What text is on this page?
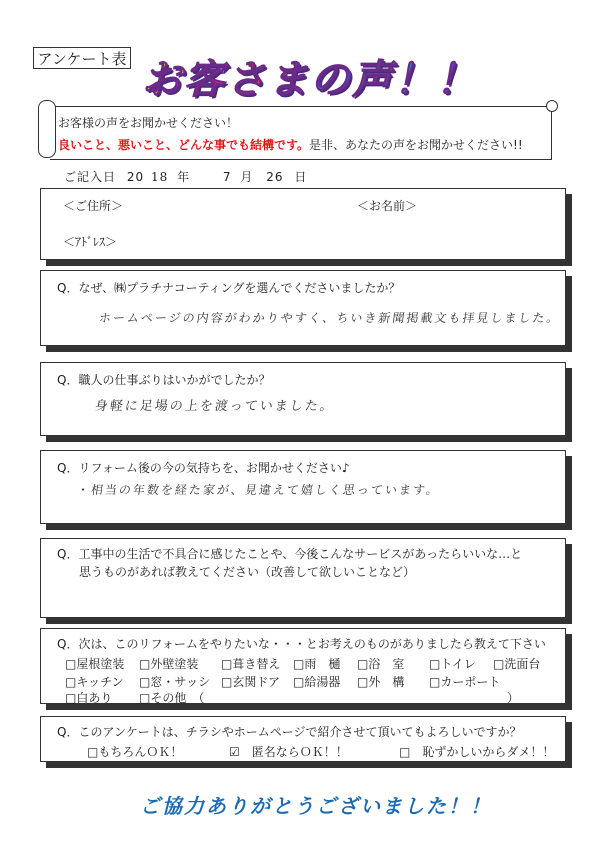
アンケート表 お客さまの声！！
お客様の声をお聞かせください！
良いこと、悪いこと、どんな事でも結構です。是非、あなたの声をお聞かせください!!
ご記入日 20 18 年	7 月 26 日
＜ご住所＞	＜お名前＞
＜ｱﾄﾞﾚｽ＞
Q．なぜ、㈱プラチナコーティングを選んでくださいましたか？
ホームページの内容がわかりやすく、ちいき新聞掲載文も拝見しました。
Q．職人の仕事ぶりはいかがでしたか？
身軽に足場の上を渡っていました。
Q．リフォーム後の今の気持ちを、お聞かせください♪
・相当の年数を経た家が、見違えて嬉しく思っています。
Q．工事中の生活で不具合に感じたことや、今後こんなサービスがあったらいいな…と
思うものがあれば教えてください（改善して欲しいことなど）
Q．次は、このリフォームをやりたいな・・・とお考えのものがありましたら教えて下さい
□屋根塗装 □外壁塗装 □葺き替え □雨　樋 □浴　室 □トイレ □洗面台
□キッチン □窓・サッシ □玄関ドア □給湯器 □外　構 □カーポート
□白あり □その他　（	）
Q．このアンケートは、チラシやホームページで紹介させて頂いてもよろしいですか？
□もちろんＯＫ！	☑　匿名ならＯＫ！！	□　恥ずかしいからダメ！！
ご協力ありがとうございました！！
